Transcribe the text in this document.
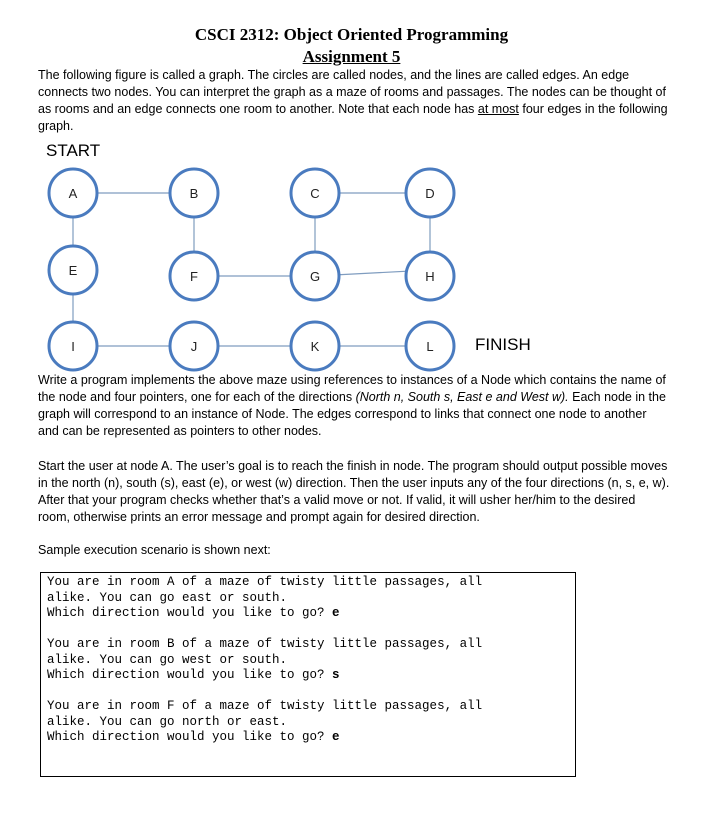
CSCI 2312: Object Oriented Programming
Assignment 5

The following figure is called a graph. The circles are called nodes, and the lines are called edges. An edge connects two nodes. You can interpret the graph as a maze of rooms and passages. The nodes can be thought of as rooms and an edge connects one room to another. Note that each node has at most four edges in the following graph.

START
A	B	C	D
E	F	G	H
I	J	K	L FINISH

Write a program implements the above maze using references to instances of a Node which contains the name of the node and four pointers, one for each of the directions (North n, South s, East e and West w). Each node in the graph will correspond to an instance of Node. The edges correspond to links that connect one node to another and can be represented as pointers to other nodes.

Start the user at node A. The user’s goal is to reach the finish in node. The program should output possible moves in the north (n), south (s), east (e), or west (w) direction. Then the user inputs any of the four directions (n, s, e, w). After that your program checks whether that’s a valid move or not. If valid, it will usher her/him to the desired room, otherwise prints an error message and prompt again for desired direction.

Sample execution scenario is shown next:

You are in room A of a maze of twisty little passages, all
alike. You can go east or south.
Which direction would you like to go? e
You are in room B of a maze of twisty little passages, all
alike. You can go west or south.
Which direction would you like to go? s
You are in room F of a maze of twisty little passages, all
alike. You can go north or east.
Which direction would you like to go? e
